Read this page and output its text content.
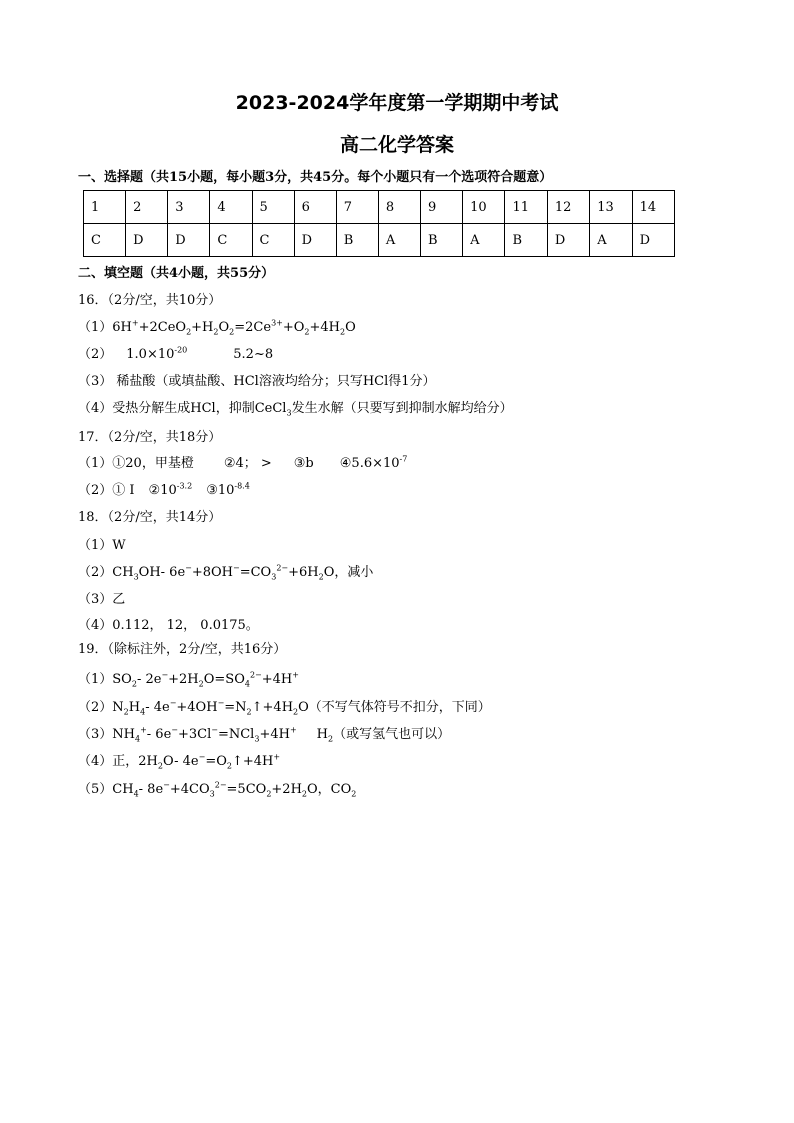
2023-2024学年度第一学期期中考试
高二化学答案

一、选择题（共15小题，每小题3分，共45分。每个小题只有一个选项符合题意）

1	2	3	4	5	6	7	8	9	10	11	12	13	14
C	D	D	C	C	D	B	A	B	A	B	D	A	D

二、填空题（共4小题，共55分）

16．（2分/空，共10分）

$(1)6H^++2CeO_2+H_2O_2=2Ce^{3+}+O_2+4H_2O$

（2） $1.0\times 10^{-20}$	5.2~8

（3） 稀盐酸（或填盐酸、HCl溶液均给分；只写HCl得1分）

（4）受热分解生成HCl，抑制CeCl$_3$发生水解（只要写到抑制水解均给分）

17．（2分/空，共18分）

（1）①20，甲基橙 ②4； > ③b $④5.6\times 10^{-7}$

（2）① I $②10^{-3.2}$ $③10^{-8.4}$

18．（2分/空，共14分）

（1）W

$(2)CH_3OH-$ $6e^-+8OH^-=CO_3^{2-}+6H_2O$，减小

（3）乙

（4）0.112， 12， 0.0175。

19．（除标注外，2分/空，共16分）

$(1)SO_2-$ $2e^-+2H_2O=SO_4^{2-}+4H^+$

$(2)N_2H_4-$ $4e^-+4OH^-=N_2↑+4H_2O$（不写气体符号不扣分，下同）

$(3)NH_4^+-$ 6e−+3Cl−=NCl$_3$+4H+ $H_2$（或写氢气也可以）

（4）正，$2H_2O-$ $4e^-=O_2↑+4H^+$

$(5)CH_4-$ $8e^-+4CO_3^{2-}=5CO_2+2H_2O$，$CO_2$
